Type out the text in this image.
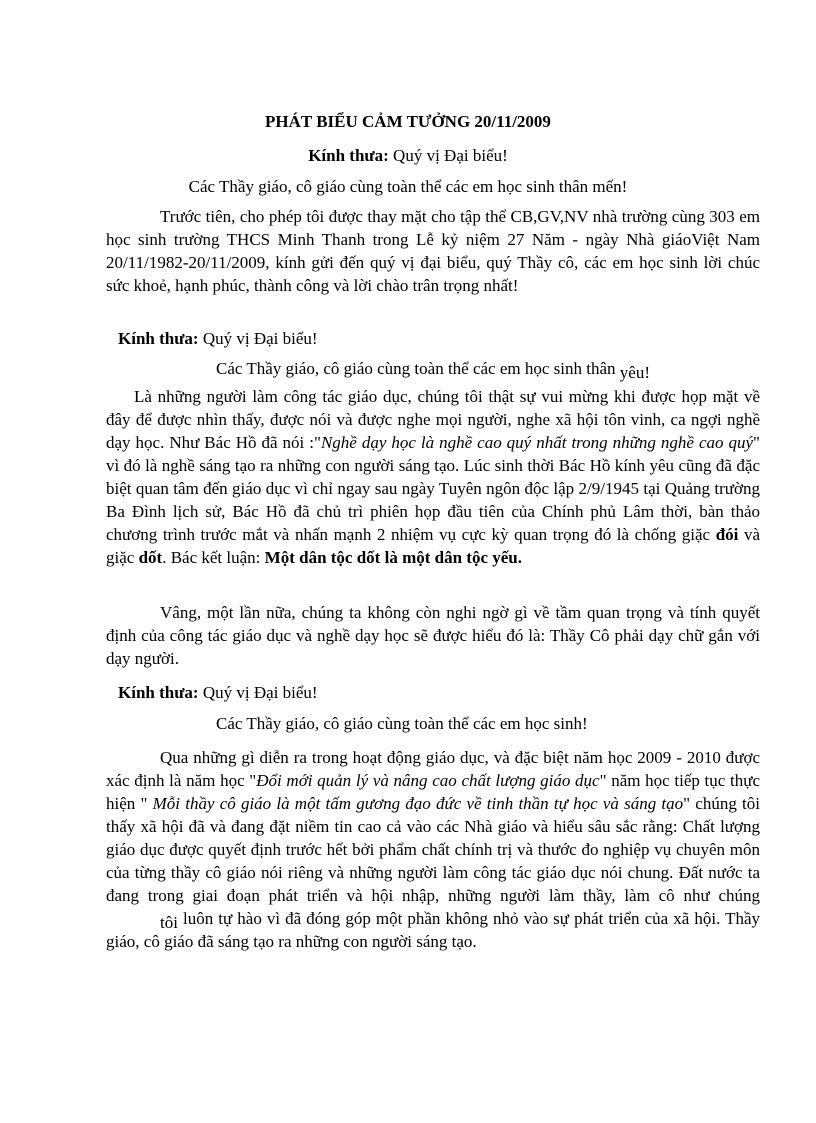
PHÁT BIỂU CẢM TƯỞNG 20/11/2009
Kính thưa: Quý vị Đại biểu!
Các Thầy giáo, cô giáo cùng toàn thể các em học sinh thân mến!
Trước tiên, cho phép tôi được thay mặt cho tập thể CB,GV,NV nhà trường cùng 303 em học sinh trường THCS Minh Thanh trong Lễ kỷ niệm 27 Năm - ngày Nhà giáoViệt Nam 20/11/1982-20/11/2009, kính gửi đến quý vị đại biểu, quý Thầy cô, các em học sinh lời chúc sức khoẻ, hạnh phúc, thành công và lời chào trân trọng nhất!
Kính thưa: Quý vị Đại biểu!
Các Thầy giáo, cô giáo cùng toàn thể các em học sinh thân yêu!
Là những người làm công tác giáo dục, chúng tôi thật sự vui mừng khi được họp mặt về đây để được nhìn thấy, được nói và được nghe mọi người, nghe xã hội tôn vinh, ca ngợi nghề dạy học. Như Bác Hồ đã nói :"Nghề dạy học là nghề cao quý nhất trong những nghề cao quý" vì đó là nghề sáng tạo ra những con người sáng tạo. Lúc sinh thời Bác Hồ kính yêu cũng đã đặc biệt quan tâm đến giáo dục vì chỉ ngay sau ngày Tuyên ngôn độc lập 2/9/1945 tại Quảng trường Ba Đình lịch sử, Bác Hồ đã chủ trì phiên họp đầu tiên của Chính phủ Lâm thời, bàn thảo chương trình trước mắt và nhấn mạnh 2 nhiệm vụ cực kỳ quan trọng đó là chống giặc đói và giặc dốt. Bác kết luận: Một dân tộc dốt là một dân tộc yếu.
Vâng, một lần nữa, chúng ta không còn nghi ngờ gì về tầm quan trọng và tính quyết định của công tác giáo dục và nghề dạy học sẽ được hiểu đó là: Thầy Cô phải dạy chữ gắn với dạy người.
Kính thưa: Quý vị Đại biểu!
Các Thầy giáo, cô giáo cùng toàn thể các em học sinh!
Qua những gì diễn ra trong hoạt động giáo dục, và đặc biệt năm học 2009 - 2010 được xác định là năm học "Đổi mới quản lý và nâng cao chất lượng giáo dục" năm học tiếp tục thực hiện " Mỗi thầy cô giáo là một tấm gương đạo đức về tinh thần tự học và sáng tạo" chúng tôi thấy xã hội đã và đang đặt niềm tin cao cả vào các Nhà giáo và hiểu sâu sắc rằng: Chất lượng giáo dục được quyết định trước hết bởi phẩm chất chính trị và thước đo nghiệp vụ chuyên môn của từng thầy cô giáo nói riêng và những người làm công tác giáo dục nói chung. Đất nước ta đang trong giai đoạn phát triển và hội nhập, những người làm thầy, làm cô như chúng tôi luôn tự hào vì đã đóng góp một phần không nhỏ vào sự phát triển của xã hội. Thầy giáo, cô giáo đã sáng tạo ra những con người sáng tạo.
